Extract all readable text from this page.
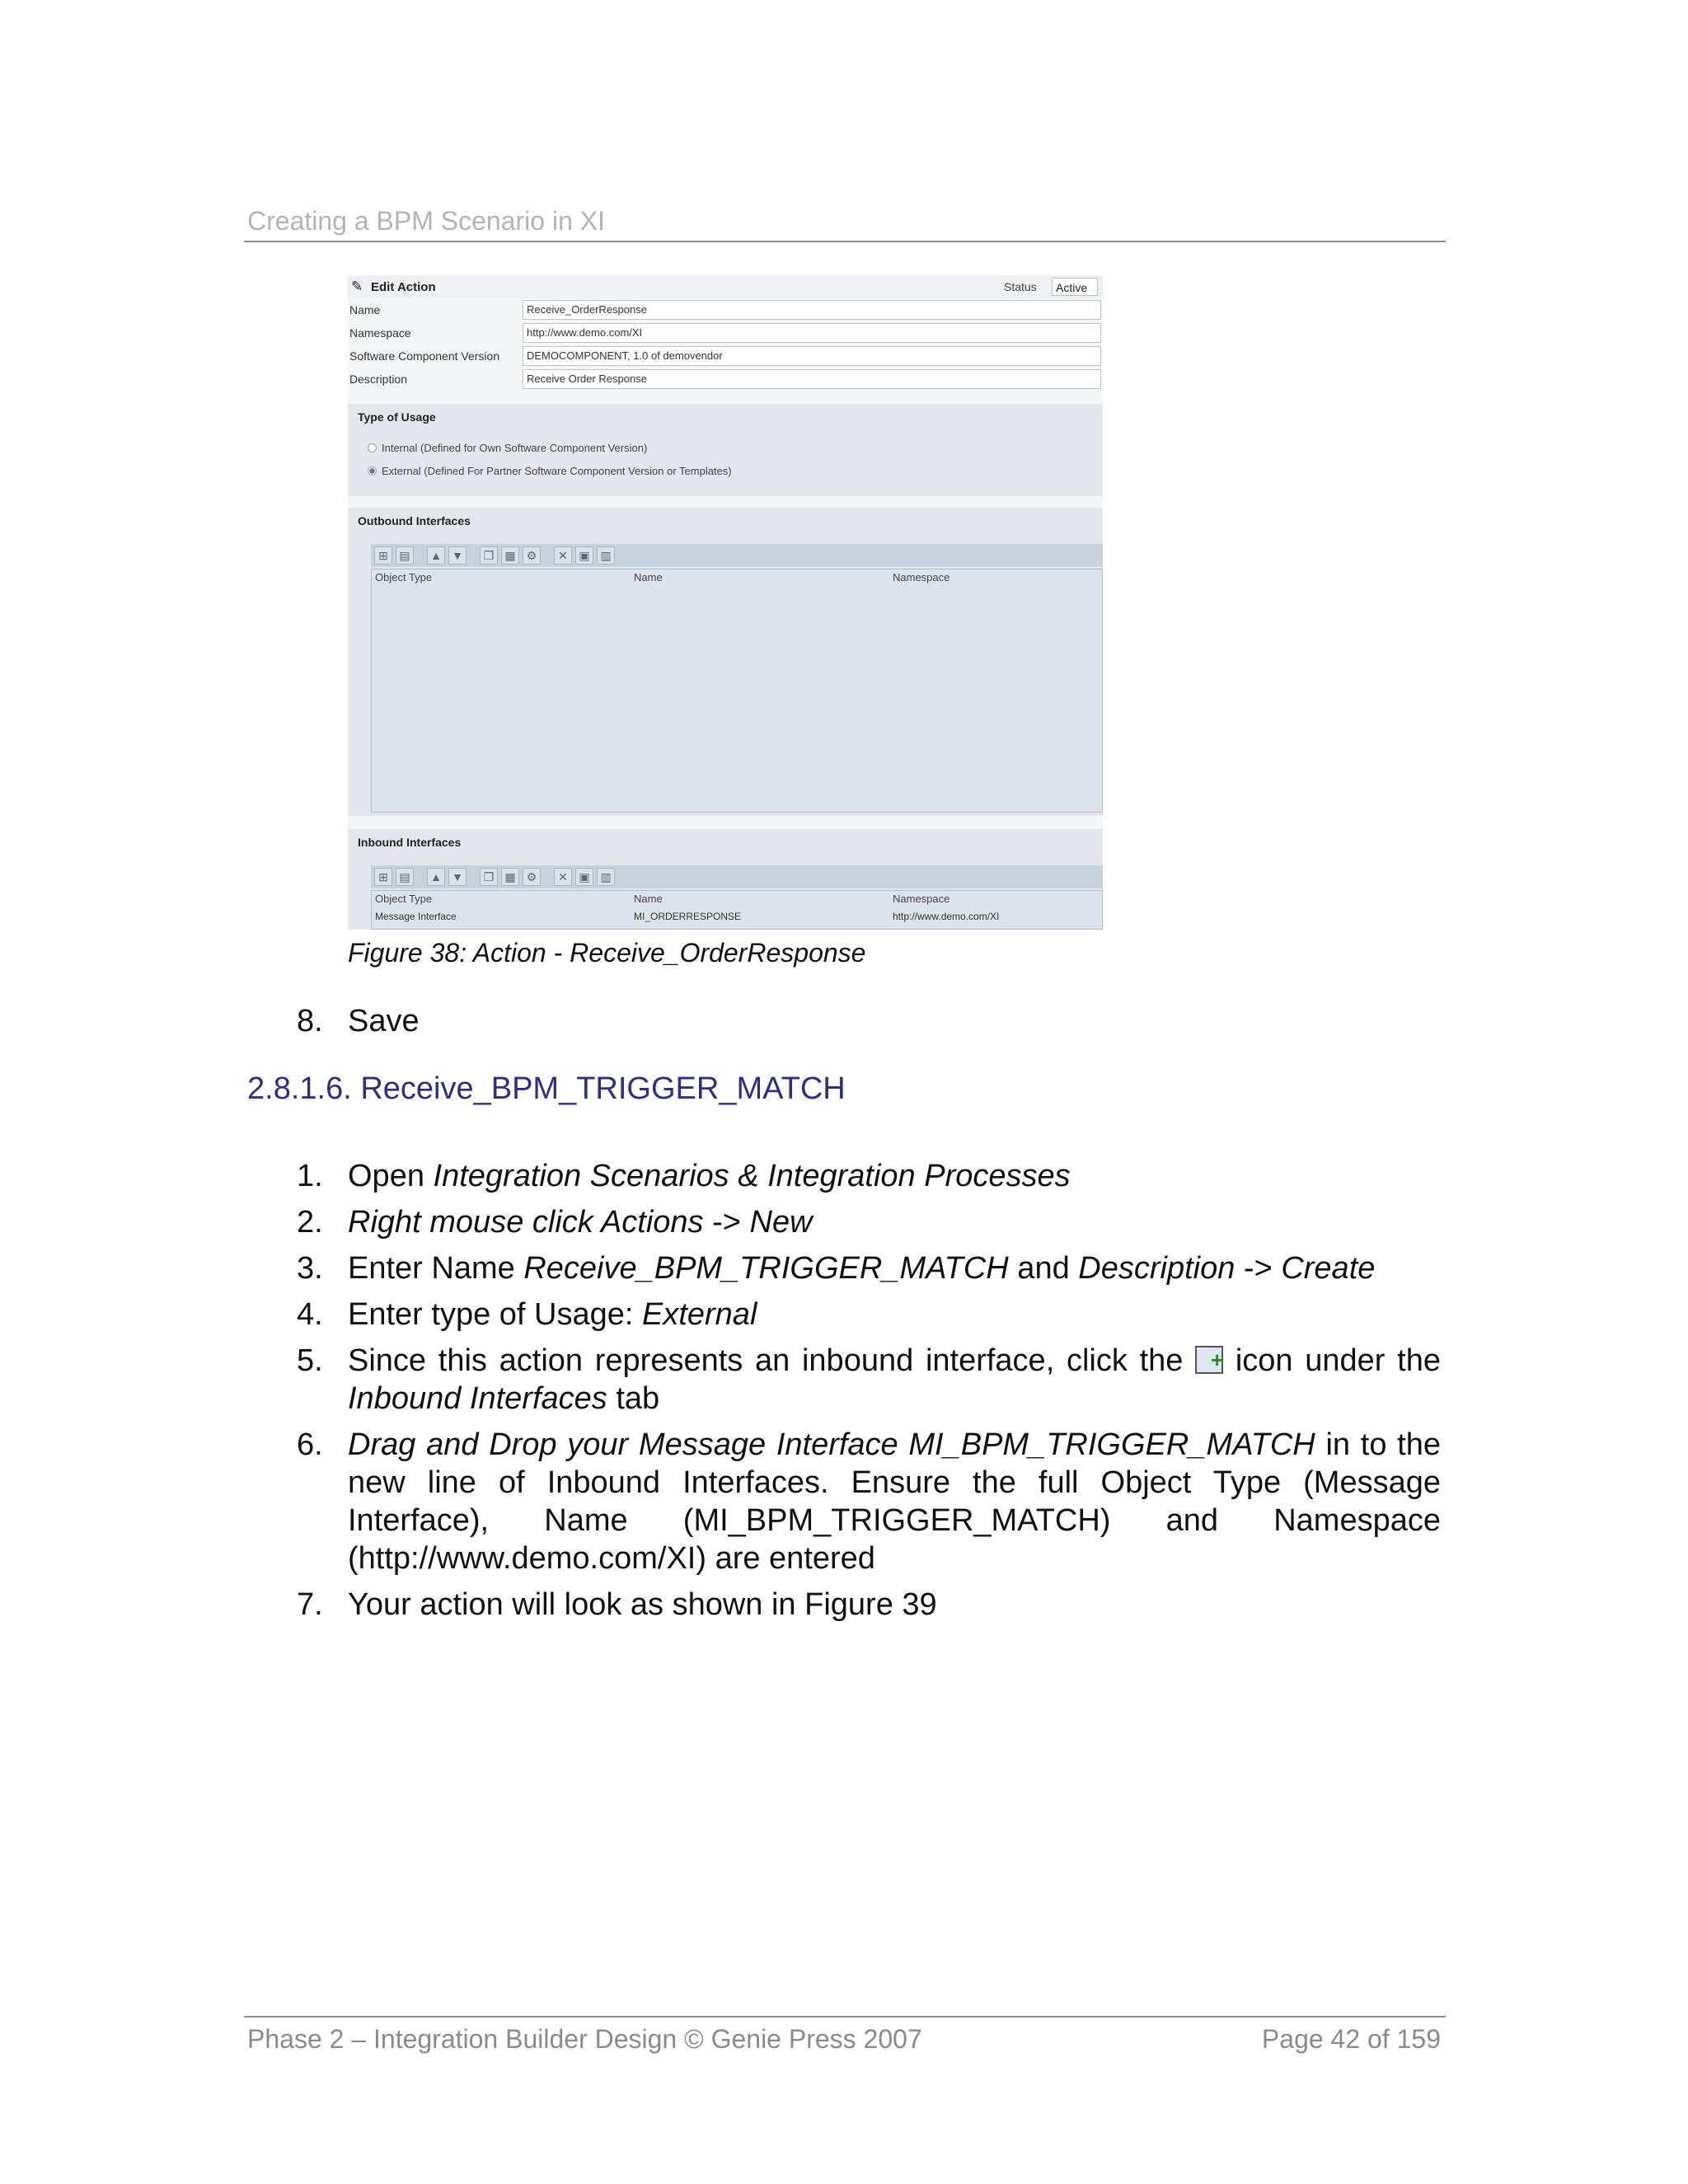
Creating a BPM Scenario in XI
✎ Edit Action	Status	Active
Name	Receive_OrderResponse
Namespace	http://www.demo.com/XI
Software Component Version	DEMOCOMPONENT, 1.0 of demovendor
Description	Receive Order Response
Type of Usage
Internal (Defined for Own Software Component Version)
External (Defined For Partner Software Component Version or Templates)
Outbound Interfaces
⊞ ▤	▲ ▼	❐ ▦ ⚙	✕ ▣ ▥
Object Type	Name	Namespace
Inbound Interfaces
⊞ ▤	▲ ▼	❐ ▦ ⚙	✕ ▣ ▥
Object Type	Name	Namespace
Message Interface	MI_ORDERRESPONSE	http://www.demo.com/XI
Figure 38: Action - Receive_OrderResponse
8. Save
2.8.1.6. Receive_BPM_TRIGGER_MATCH
1. Open Integration Scenarios & Integration Processes
2. Right mouse click Actions -> New
3. Enter Name Receive_BPM_TRIGGER_MATCH and Description -> Create
4. Enter type of Usage: External
5. Since this action represents an inbound interface, click the + icon under the Inbound Interfaces tab
6. Drag and Drop your Message Interface MI_BPM_TRIGGER_MATCH in to the new line of Inbound Interfaces. Ensure the full Object Type (Message Interface), Name (MI_BPM_TRIGGER_MATCH) and Namespace (http://www.demo.com/XI) are entered
7. Your action will look as shown in Figure 39
Phase 2 – Integration Builder Design © Genie Press 2007	Page 42 of 159
